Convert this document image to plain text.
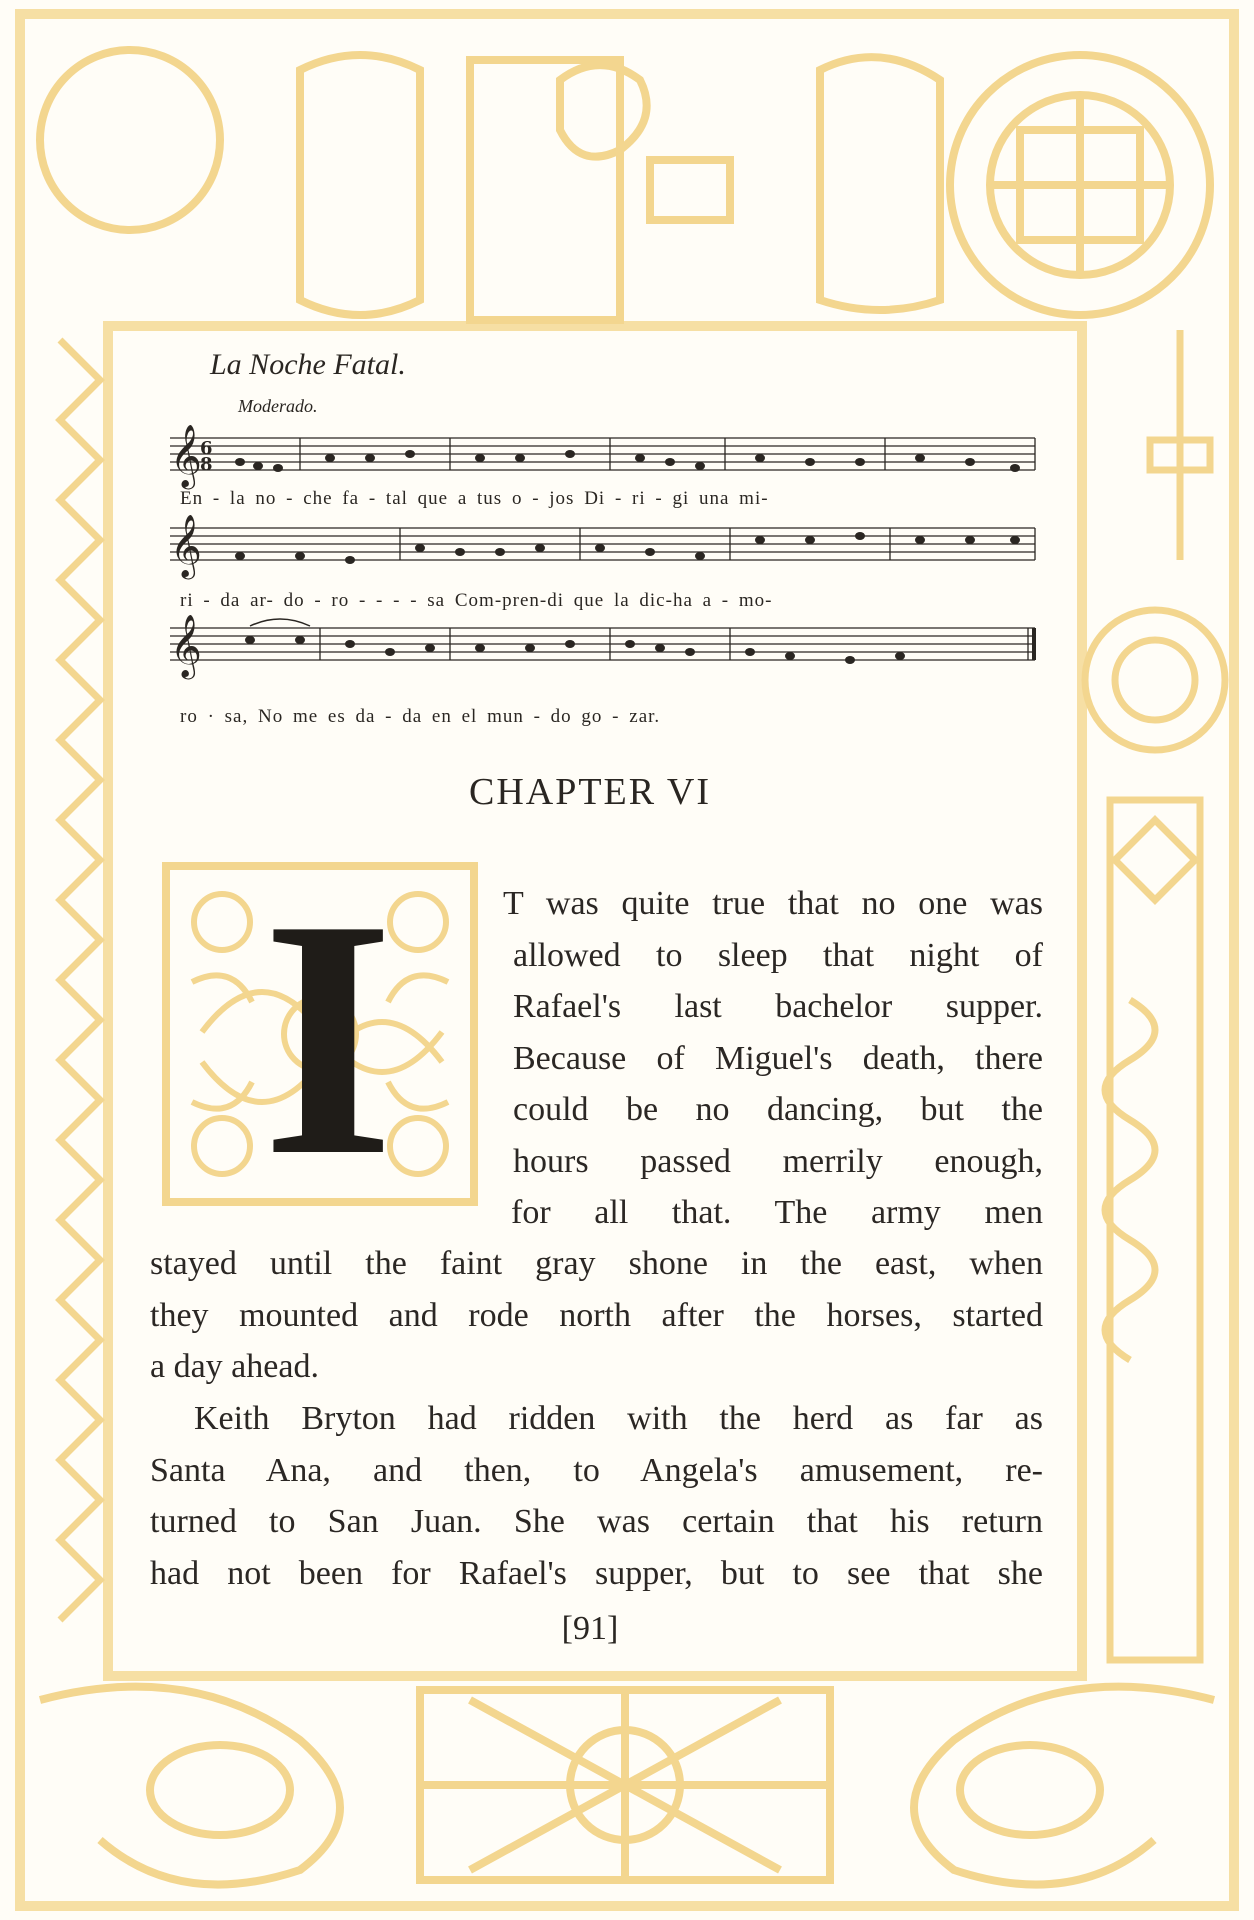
La Noche Fatal.
Moderado.
𝄞
6
8
En - la no - che fa - tal que a tus o - jos Di - ri - gi una mi-
𝄞
ri - da ar- do - ro - - - - sa Com-pren-di que la dic-ha a - mo-
𝄞
ro · sa, No me es da - da en el mun - do go - zar.
CHAPTER VI
I	T was quite true that no one was
allowed to sleep that night of
Rafael's last bachelor supper.
Because of Miguel's death, there
could be no dancing, but the
hours passed merrily enough,
for all that. The army men
stayed until the faint gray shone in the east, when
they mounted and rode north after the horses, started
a day ahead.
Keith Bryton had ridden with the herd as far as
Santa Ana, and then, to Angela's amusement, re-
turned to San Juan. She was certain that his return
had not been for Rafael's supper, but to see that she
[91]
